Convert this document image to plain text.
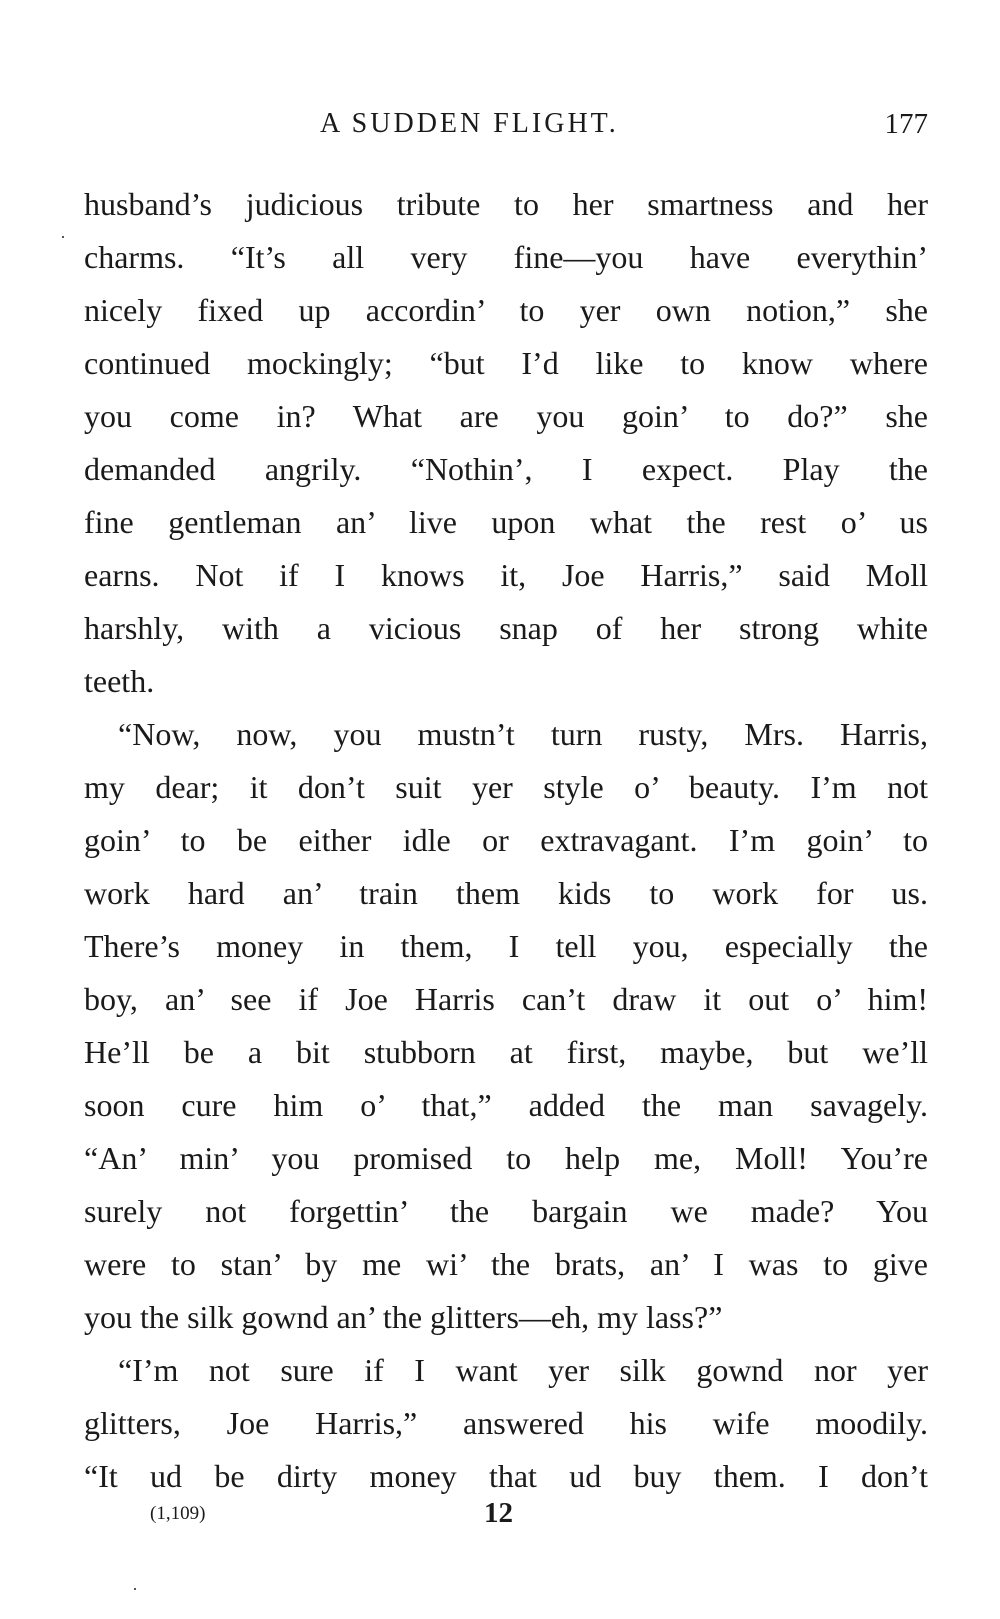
A SUDDEN FLIGHT.	177
husband’s judicious tribute to her smartness and her
charms. “It’s all very fine—you have everythin’
nicely fixed up accordin’ to yer own notion,” she
continued mockingly; “but I’d like to know where
you come in? What are you goin’ to do?” she
demanded angrily. “Nothin’, I expect. Play the
fine gentleman an’ live upon what the rest o’ us
earns. Not if I knows it, Joe Harris,” said Moll
harshly, with a vicious snap of her strong white
teeth.
“Now, now, you mustn’t turn rusty, Mrs. Harris,
my dear; it don’t suit yer style o’ beauty. I’m not
goin’ to be either idle or extravagant. I’m goin’ to
work hard an’ train them kids to work for us.
There’s money in them, I tell you, especially the
boy, an’ see if Joe Harris can’t draw it out o’ him!
He’ll be a bit stubborn at first, maybe, but we’ll
soon cure him o’ that,” added the man savagely.
“An’ min’ you promised to help me, Moll! You’re
surely not forgettin’ the bargain we made? You
were to stan’ by me wi’ the brats, an’ I was to give
you the silk gownd an’ the glitters—eh, my lass?”
“I’m not sure if I want yer silk gownd nor yer
glitters, Joe Harris,” answered his wife moodily.
“It ud be dirty money that ud buy them. I don’t
(1,109)	12
